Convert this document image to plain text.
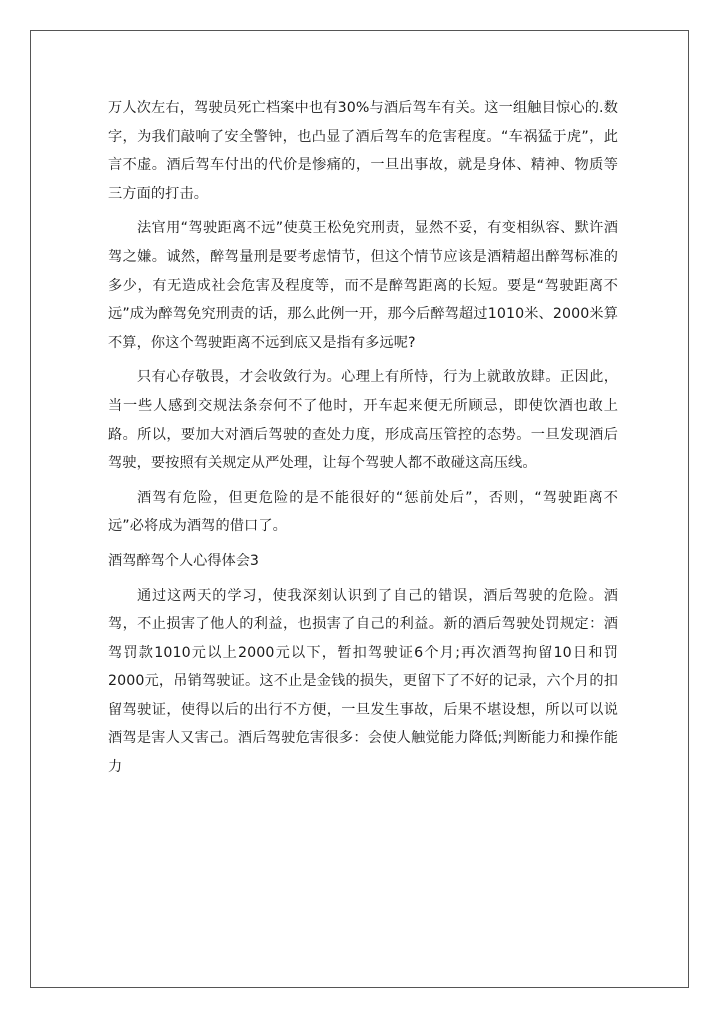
万人次左右，驾驶员死亡档案中也有30%与酒后驾车有关。这一组触目惊心的.数字，为我们敲响了安全警钟，也凸显了酒后驾车的危害程度。“车祸猛于虎”，此言不虚。酒后驾车付出的代价是惨痛的，一旦出事故，就是身体、精神、物质等三方面的打击。

法官用“驾驶距离不远”使莫王松免究刑责，显然不妥，有变相纵容、默许酒驾之嫌。诚然，醉驾量刑是要考虑情节，但这个情节应该是酒精超出醉驾标准的多少，有无造成社会危害及程度等，而不是醉驾距离的长短。要是“驾驶距离不远”成为醉驾免究刑责的话，那么此例一开，那今后醉驾超过1010米、2000米算不算，你这个驾驶距离不远到底又是指有多远呢?

只有心存敬畏，才会收敛行为。心理上有所恃，行为上就敢放肆。正因此，当一些人感到交规法条奈何不了他时，开车起来便无所顾忌，即使饮酒也敢上路。所以，要加大对酒后驾驶的查处力度，形成高压管控的态势。一旦发现酒后驾驶，要按照有关规定从严处理，让每个驾驶人都不敢碰这高压线。

酒驾有危险，但更危险的是不能很好的“惩前处后”，否则，“驾驶距离不远”必将成为酒驾的借口了。

酒驾醉驾个人心得体会3

通过这两天的学习，使我深刻认识到了自己的错误，酒后驾驶的危险。酒驾，不止损害了他人的利益，也损害了自己的利益。新的酒后驾驶处罚规定：酒驾罚款1010元以上2000元以下，暂扣驾驶证6个月;再次酒驾拘留10日和罚2000元，吊销驾驶证。这不止是金钱的损失，更留下了不好的记录，六个月的扣留驾驶证，使得以后的出行不方便，一旦发生事故，后果不堪设想，所以可以说酒驾是害人又害己。酒后驾驶危害很多：会使人触觉能力降低;判断能力和操作能力
